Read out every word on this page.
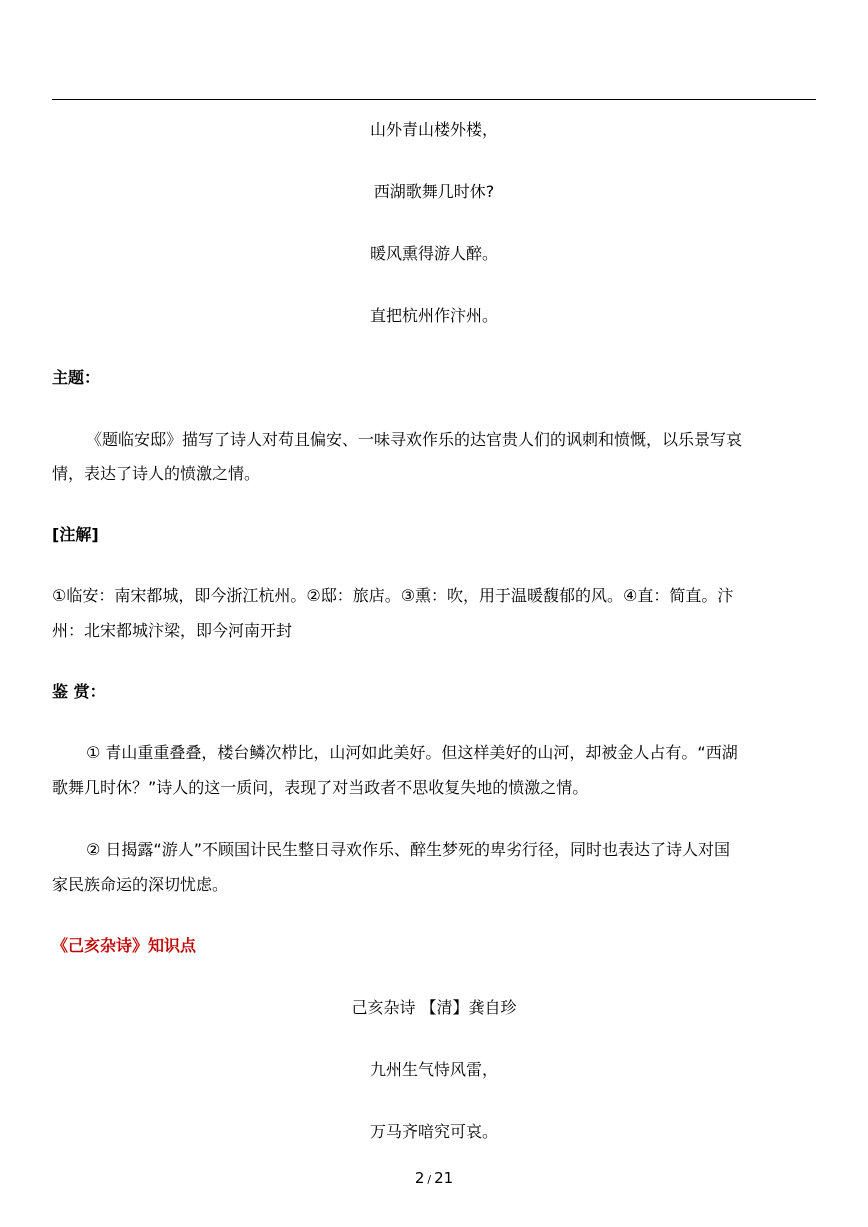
山外青山楼外楼，
西湖歌舞几时休?
暖风熏得游人醉。
直把杭州作汴州。
主题：
《题临安邸》描写了诗人对苟且偏安、一味寻欢作乐的达官贵人们的讽刺和愤慨，以乐景写哀
情，表达了诗人的愤激之情。
[注解]
①临安：南宋都城，即今浙江杭州。②邸：旅店。③熏：吹，用于温暖馥郁的风。④直：简直。汴
州：北宋都城汴梁，即今河南开封
鉴 赏：
① 青山重重叠叠，楼台鳞次栉比，山河如此美好。但这样美好的山河，却被金人占有。“西湖
歌舞几时休？”诗人的这一质问，表现了对当政者不思收复失地的愤激之情。
② 日揭露“游人”不顾国计民生整日寻欢作乐、醉生梦死的卑劣行径，同时也表达了诗人对国
家民族命运的深切忧虑。
《己亥杂诗》知识点
己亥杂诗 【清】龚自珍
九州生气恃风雷，
万马齐喑究可哀。
2 / 21
